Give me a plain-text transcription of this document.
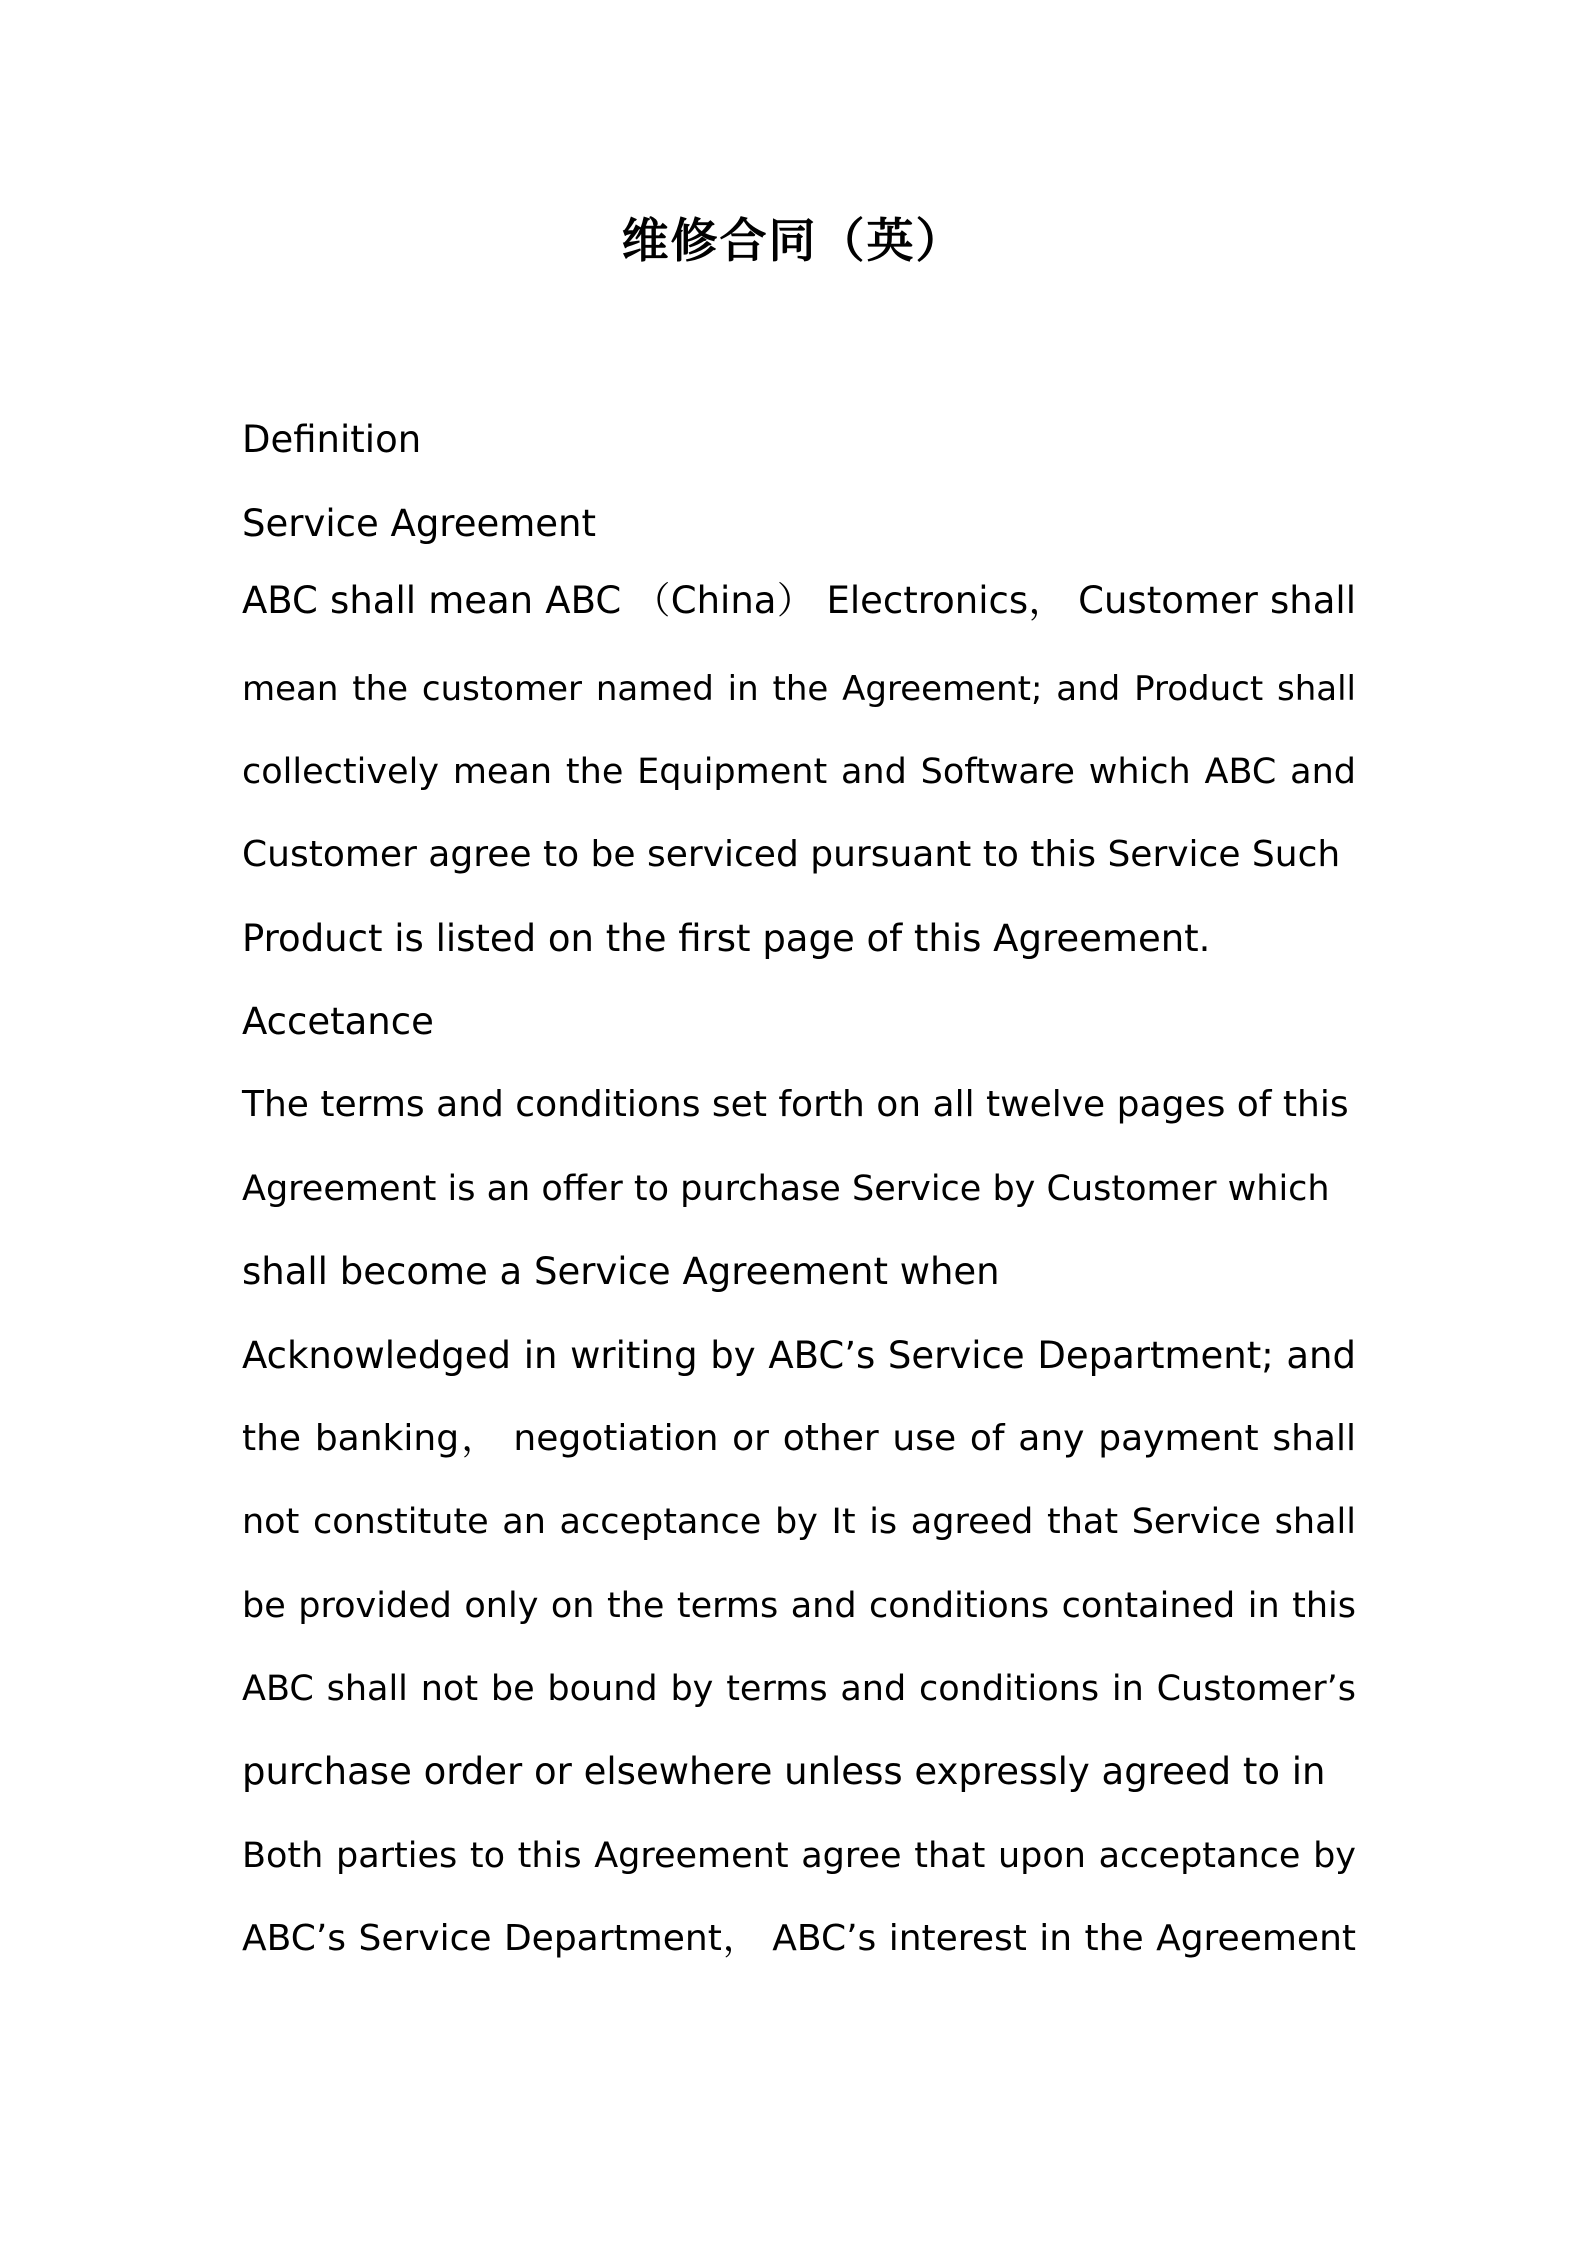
维修合同（英）
Definition
Service Agreement
ABC shall mean ABC （China） Electronics， Customer shall
mean the customer named in the Agreement; and Product shall
collectively mean the Equipment and Software which ABC and
Customer agree to be serviced pursuant to this Service Such
Product is listed on the first page of this Agreement.
Accetance
The terms and conditions set forth on all twelve pages of this
Agreement is an offer to purchase Service by Customer which
shall become a Service Agreement when
Acknowledged in writing by ABC’s Service Department; and
the banking， negotiation or other use of any payment shall
not constitute an acceptance by It is agreed that Service shall
be provided only on the terms and conditions contained in this
ABC shall not be bound by terms and conditions in Customer’s
purchase order or elsewhere unless expressly agreed to in
Both parties to this Agreement agree that upon acceptance by
ABC’s Service Department， ABC’s interest in the Agreement
